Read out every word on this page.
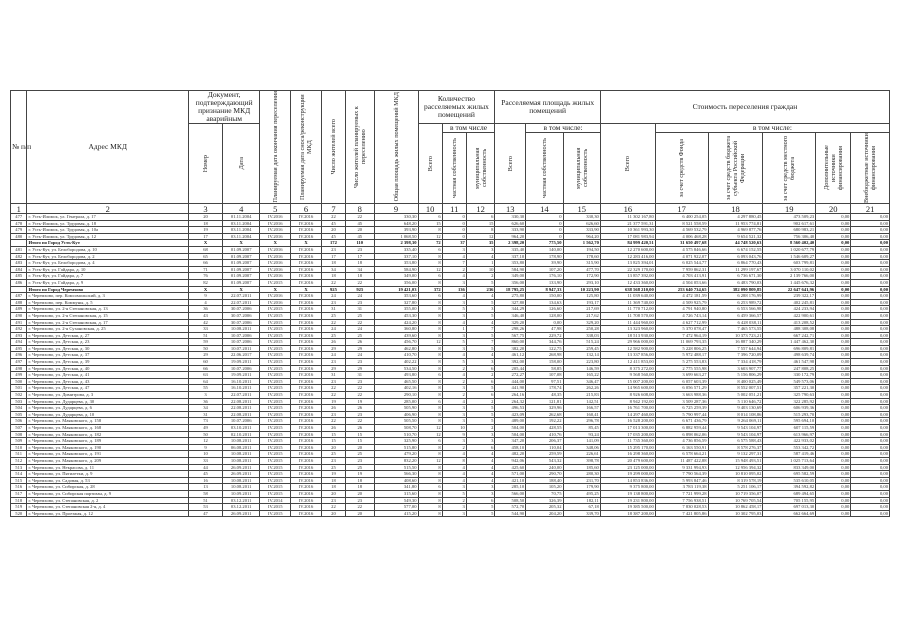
№ п/п	Адрес МКД	Документ, подтверждающий признание МКД аварийным		Планируемая дата окончания переселения	Планируемая дата сноса/реконструкции МКД	Число жителей всего	Число жителей планируемых к переселению	Общая площадь жилых помещений МКД	Количество расселяемых жилых помещений			Расселяемая площадь жилых помещений			Стоимость переселения граждан					

		Номер	Дата						Всего	в том числе		Всего	в том числе:		Всего	в том числе:				

										частная собственность	муниципальная собственность		частная собственность	муниципальная собственность		за счет средств Фонда	за счет средств бюджета субъекта Российской Федерации	за счет средств местного бюджета	Дополнительные источники финансирования	Внебюджетные источники финансирования

1	2	3	4	5	6	7	8	9	10	11	12	13	14	15	16	17	18	19	20	21
477	г. Усть-Илимск, ул. Генерала, д. 17	20	01.11.2004	IV.2016	IV.2016	22	22	330,30	6	0	6	330,30	0	330,30	11 302 167,80	6 400 254,05	4 297 880,45	473 509,23	0,00	0,00
478	г. Усть-Илимск, ул. Трудовая, д. 18	18	03.11.2004	IV.2016	IV.2016	45	45	648,20	15	0	15	626,60	0	626,60	21 377 591,31	8 521 558,59	11 953 774,81	902 617,61	0,00	0,00
479	г. Усть-Илимск, ул. Трудовая, д. 10а	19	03.11.2004	IV.2016	IV.2016	20	20	393,90	8	0	8	333,90	0	333,90	10 361 993,30	4 569 532,79	4 969 877,76	680 983,21	0,00	0,00
480	г. Усть-Илимск, ул. Трудовая, д. 12	17	03.11.2004	IV.2016	IV.2016	45	45	1 068,50	12	0	12	964,20	0	964,20	17 081 983,94	4 006 468,28	9 654 521,32	756 306,40	0,00	0,00
	Итого по Город Усть-Кут	X	X	X	X	172	110	2 398,30	72	37	35	2 398,20	775,50	1 562,70	84 999 420,51	31 650 497,68	44 748 520,63	8 560 402,40	0,00	0,00
481	г. Усть-Кут, ул. Белобородова, д. 10	68	01.09.2007	IV.2016	IV.2016	23	23	335,40	6	3	3	335,40	140,00	194,50	12 270 600,00	4 575 846,66	6 674 152,55	1 020 677,79	0,00	0,00
482	г. Усть-Кут, ул. Белобородова, д. 2	65	01.09.2007	IV.2016	IV.2016	17	17	337,10	8	4	4	337,10	178,90	178,60	12 283 416,00	4 071 922,07	6 093 043,76	1 546 609,27	0,00	0,00
483	г. Усть-Кут, ул. Белобородова, д. 4	66	01.09.2007	IV.2016	IV.2016	18	18	353,80	8	7	1	353,80	39,90	315,90	13 825 394,01	6 025 544,77	6 864 770,43	603 799,81	0,00	0,00
484	г. Усть-Кут, ул. Гайдара, д. 10	71	01.09.2007	IV.2016	IV.2016	34	34	584,90	12	2	10	584,90	107,20	477,70	22 329 170,00	7 959 862,31	11 299 197,67	3 070 110,02	0,00	0,00
485	г. Усть-Кут, ул. Гайдара, д. 7	76	01.09.2007	IV.2016	IV.2016	18	18	349,00	6	4	2	349,00	176,10	172,90	13 857 392,00	4 703 413,91	6 736 671,30	2 139 766,00	0,00	0,00
486	г. Усть-Кут, ул. Гайдара, д. 9	82	01.09.2007	IV.2015	IV.2016	22	22	356,00	8	3	5	356,00	133,90	293,10	12 433 360,00	4 504 053,66	6 483 790,03	1 445 676,32	0,00	0,00
	Итого по Город Черемхово	X	X	X	X	925	925	19 421,03	372	136	236	18 795,25	8 947,33	10 223,90	638 568 210,00	253 640 734,65	382 090 809,85	22 647 641,96	0,00	0,00
487	г. Черемхово, пер. Комсомольский, д. 3	9	22.07.2011	IV.2016	IV.2016	24	24	353,60	6	4	4	275,80	150,00	125,80	11 039 640,00	4 472 181,59	6 288 176,99	239 322,17	0,00	0,00
488	г. Черемхово, пер. Коммуны, д. 5	4	22.07.2011	IV.2016	IV.2016	23	23	327,80	8	3	5	327,80	134,63	193,17	11 369 740,00	4 509 925,79	6 253 989,72	402 245,81	0,00	0,00
489	г. Черемхово, ул. 2-я Степановская, д. 13	36	30.07.2006	IV.2015	IV.2016	31	31	355,00	8	5	3	344,29	126,60	217,69	11 770 712,00	4 791 940,80	6 553 566,98	424 233,94	0,00	0,00
490	г. Черемхово, ул. 2-я Степановская, д. 15	43	30.07.2006	IV.2015	IV.2016	25	25	453,30	8	3	5	346,40	128,00	217,62	11 708 570,00	4 726 743,14	6 459 366,57	422 900,61	0,00	0,00
491	г. Черемхово, ул. 2-я Степановская, д. 17	42	30.07.2006	IV.2015	IV.2016	22	22	424,20	8	4	4	329,20	0,00	329,20	11 444 960,00	4 627 712,99	6 428 038,11	413 208,52	0,00	0,00
492	г. Черемхово, ул. 2-я Сухановская, д. 25	33	10.08.2011	IV.2015	IV.2016	24	24	360,80	8	1	7	298,26	47,98	250,28	13 323 960,00	5 370 078,47	7 465 573,55	488 308,08	0,00	0,00
493	г. Черемхово, ул. Детская, д. 27	51	10.07.2006	IV.2015	IV.2016	25	25	439,60	8	3	5	567,75	229,72	338,03	18 513 930,00	7 472 964,19	10 373 723,21	667 242,71	0,00	0,00
494	г. Черемхово, ул. Детская, д. 23	59	10.07.2006	IV.2015	IV.2016	26	26	456,70	12	5	7	860,00	344,76	515,24	29 966 000,00	11 069 793,35	16 887 340,29	1 447 462,30	0,00	0,00
495	г. Черемхово, ул. Детская, д. 30	50	10.07.2011	IV.2015	IV.2016	29	29	462,80	8	3	5	382,20	122,75	259,45	12 582 900,00	5 228 806,25	7 557 644,94	696 809,81	0,00	0,00
496	г. Черемхово, ул. Детская, д. 37	29	22.06.2017	IV.2015	IV.2016	24	24	410,70	8	4	4	461,12	268,98	132,14	13 337 856,00	5 972 488,17	7 396 720,09	498 639,74	0,00	0,00
497	г. Черемхово, ул. Детская, д. 39	60	19.09.2011	IV.2015	IV.2016	23	23	402,22	8	5	3	392,00	158,00	223,80	12 411 853,00	5 275 553,83	7 334 418,79	461 547,98	0,00	0,00
498	г. Черемхово, ул. Детская, д. 40	66	10.07.2006	IV.2015	IV.2016	29	29	534,50	8	2	6	205,44	58,85	146,59	8 375 272,00	2 775 555,98	3 603 907,77	247 808,25	0,00	0,00
499	г. Черемхово, ул. Детская, д. 41	63	19.09.2011	IV.2015	IV.2016	31	31	493,80	6	4	2	272,27	107,08	165,22	9 568 560,00	3 699 663,27	5 156 806,29	330 172,79	0,00	0,00
500	г. Черемхово, ул. Детская, д. 43	64	16.10.2011	IV.2015	IV.2016	23	23	465,50	8	2	6	444,00	97,51	346,47	15 007 200,00	6 057 603,39	8 400 025,49	549 573,06	0,00	0,00
501	г. Черемхово, ул. Детская, д. 47	55	16.10.2011	IV.2015	IV.2016	22	22	402,16	8	3	5	441,90	178,74	262,26	14 965 600,00	6 056 571,29	8 552 007,51	357 221,30	0,00	0,00
502	г. Черемхово, ул. Димитрова, д. 3	3	22.07.2011	IV.2015	IV.2016	22	22	290,10	8	2	6	264,16	48,35	215,83	8 926 608,00	3 663 988,36	5 002 051,21	325 790,63	0,00	0,00
503	г. Черемхово, ул. Дударцева, д. 30	36	22.08.2011	IV.2015	IV.2016	19	19	285,00	6	4	2	264,32	121,81	142,51	8 942 192,00	3 509 287,36	5 110 646,72	322 285,92	0,00	0,00
504	г. Черемхово, ул. Дударцева, д. 6	34	22.08.2011	IV.2015	IV.2016	26	26	505,90	8	3	5	496,53	329,96	166,57	16 761 700,00	6 725 259,39	9 403 130,69	606 939,36	0,00	0,00
505	г. Черемхово, ул. Дударцева, д. 10	31	22.08.2011	IV.2015	IV.2016	23	23	406,90	8	3	5	423,09	262,68	160,41	14 297 460,00	5 790 997,44	8 014 108,86	515 293,70	0,00	0,00
506	г. Черемхово, ул. Маяковского, д. 158	73	10.07.2006	IV.2015	IV.2016	22	22	505,50	8	3	5	489,00	192,22	296,78	16 528 200,00	6 671 436,79	9 264 069,11	595 694,10	0,00	0,00
507	г. Черемхово, ул. Маяковского, д. 168	49	03.10.2011	IV.2015	IV.2016	26	26	508,70	12	10	2	504,00	428,55	85,45	17 013 300,00	6 882 959,44	9 543 104,97	607 115,59	0,00	0,00
508	г. Черемхово, ул. Маяковского, д. 182	50	02.10.2011	IV.2015	IV.2016	15	15	510,70	12	9	3	504,00	410,76	93,24	17 035 200,00	6 898 062,06	9 543 104,97	613 966,97	0,00	0,00
509	г. Черемхово, ул. Маяковского, д. 189	12	10.08.2011	IV.2015	IV.2016	15	15	325,90	6	3	3	347,20	206,37	141,09	11 735 360,00	4 736 856,59	6 575 588,43	422 933,02	0,00	0,00
510	г. Черемхово, ул. Маяковского, д. 190	9	06.08.2011	IV.2015	IV.2016	20	20	515,80	8	2	6	458,10	110,04	348,06	15 295 170,00	6 163 550,91	8 578 276,37	553 342,72	0,00	0,00
511	г. Черемхово, ул. Маяковского, д. 191	10	10.08.2011	IV.2015	IV.2016	25	25	479,20	8	4	4	482,20	259,59	226,61	16 298 360,00	6 578 664,21	9 132 297,31	587 419,46	0,00	0,00
512	г. Черемхово, ул. Маяковского, д. 209	33	10.08.2011	IV.2015	IV.2016	23	23	832,20	12	8	4	942,06	543,32	398,78	20 479 600,00	11 487 422,88	15 948 493,51	1 025 713,64	0,00	0,00
513	г. Черемхово, ул. Некрасова, д. 11	44	26.09.2011	IV.2015	IV.2016	25	25	515,50	8	4	4	425,60	240,00	185,60	23 125 000,00	9 331 994,93	12 956 394,32	833 349,00	0,00	0,00
514	г. Черемхово, ул. Пятилетки, д. 9	45	26.09.2011	IV.2015	IV.2016	19	19	566,30	8	4	4	571,00	290,70	280,30	19 299 000,00	7 790 564,39	10 810 095,02	695 582,59	0,00	0,00
515	г. Черемхово, ул. Садовая, д. 53	16	10.08.2011	IV.2015	IV.2016	18	18	408,60	8	4	4	421,10	188,40	231,70	14 853 836,00	5 993 847,46	8 319 578,19	535 610,05	0,00	0,00
516	г. Черемхово, ул. Сибирская, д. 28	13	10.08.2011	IV.2015	IV.2016	18	18	341,80	6	3	3	285,10	105,20	179,90	9 375 800,00	3 783 119,38	5 251 106,17	394 592,82	0,00	0,00
517	г. Черемхово, ул. Сибирская партизан, д. 9	58	10.09.2011	IV.2015	IV.2016	20	20	315,60	8	5	3	566,00	70,75	495,25	19 138 800,00	7 721 999,28	10 719 356,07	689 494,65	0,00	0,00
518	г. Черемхово, ул. Степановская, д. 2	51	03.12.2011	IV.2014	IV.2016	23	23	549,30	8	2	6	508,50	326,39	182,11	19 231 800,00	7 756 938,51	10 769 705,54	705 155,95	0,00	0,00
519	г. Черемхово, ул. Степановская 2-я, д. 4	53	03.12.2011	IV.2015	IV.2016	22	22	577,00	8	3	5	572,70	205,32	67,18	19 385 500,00	7 830 028,53	10 862 458,17	697 013,30	0,00	0,00
520	г. Черемхово, ул. Проезжая, д. 12	47	26.09.2011	IV.2015	IV.2016	20	20	415,20	8	3	5	544,90	204,20	339,70	18 387 200,00	7 421 805,86	10 302 795,03	662 664,69	0,00	0,00
